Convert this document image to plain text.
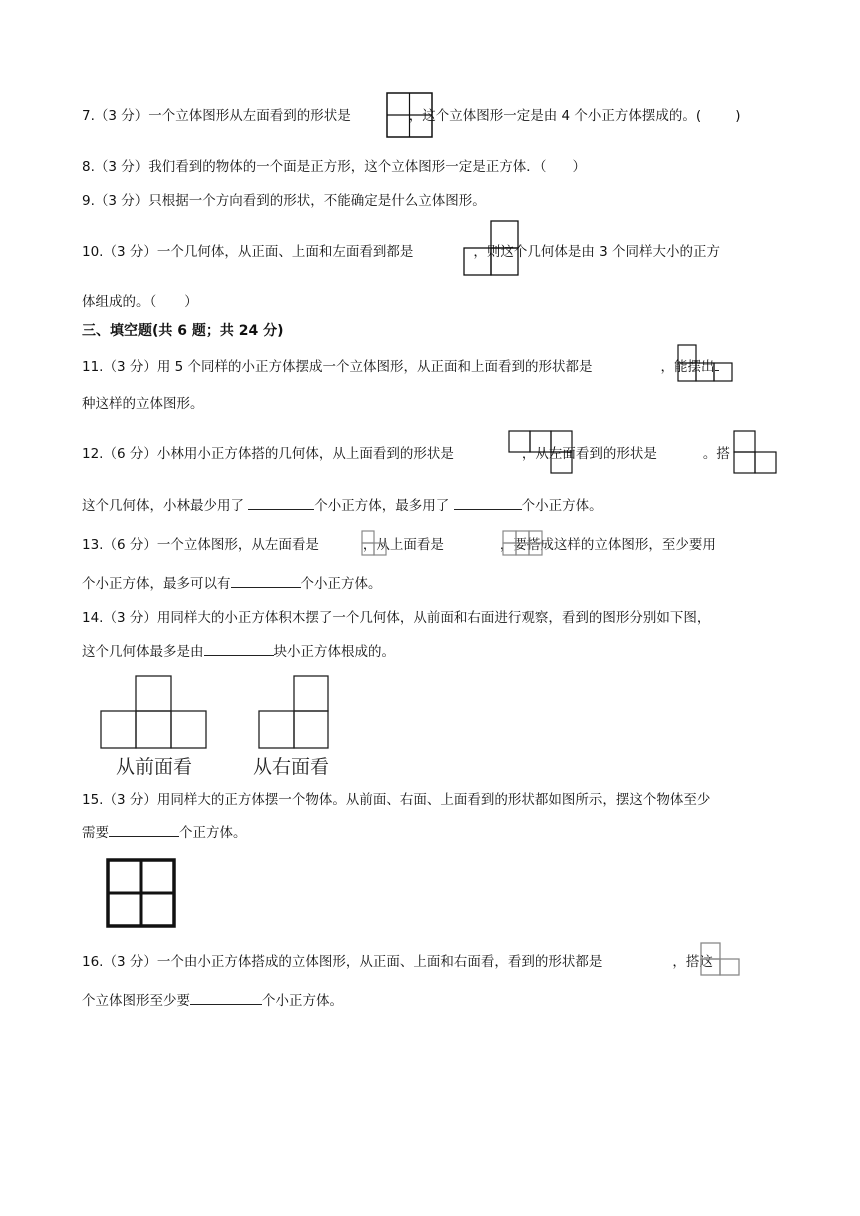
7.（3 分）一个立体图形从左面看到的形状是	，这个立体图形一定是由 4 个小正方体摆成的。(	)
8.（3 分）我们看到的物体的一个面是正方形，这个立体图形一定是正方体．（ ）
9.（3 分）只根据一个方向看到的形状，不能确定是什么立体图形。
10.（3 分）一个几何体，从正面、上面和左面看到都是	，则这个几何体是由 3 个同样大小的正方
体组成的。（ ）
三、填空题(共 6 题；共 24 分)
11.（3 分）用 5 个同样的小正方体摆成一个立体图形，从正面和上面看到的形状都是	，能摆出
种这样的立体图形。
12.（6 分）小林用小正方体搭的几何体，从上面看到的形状是	，从左面看到的形状是	。搭
这个几何体，小林最少用了	个小正方体，最多用了	个小正方体。
13.（6 分）一个立体图形，从左面看是	，从上面看是	，要搭成这样的立体图形，至少要用
个小正方体，最多可以有	个小正方体。
14.（3 分）用同样大的小正方体积木摆了一个几何体，从前面和右面进行观察，看到的图形分别如下图，
这个几何体最多是由	块小正方体根成的。
从前面看	从右面看
15.（3 分）用同样大的正方体摆一个物体。从前面、右面、上面看到的形状都如图所示，摆这个物体至少
需要	个正方体。
16.（3 分）一个由小正方体搭成的立体图形，从正面、上面和右面看，看到的形状都是	，搭这
个立体图形至少要	个小正方体。
